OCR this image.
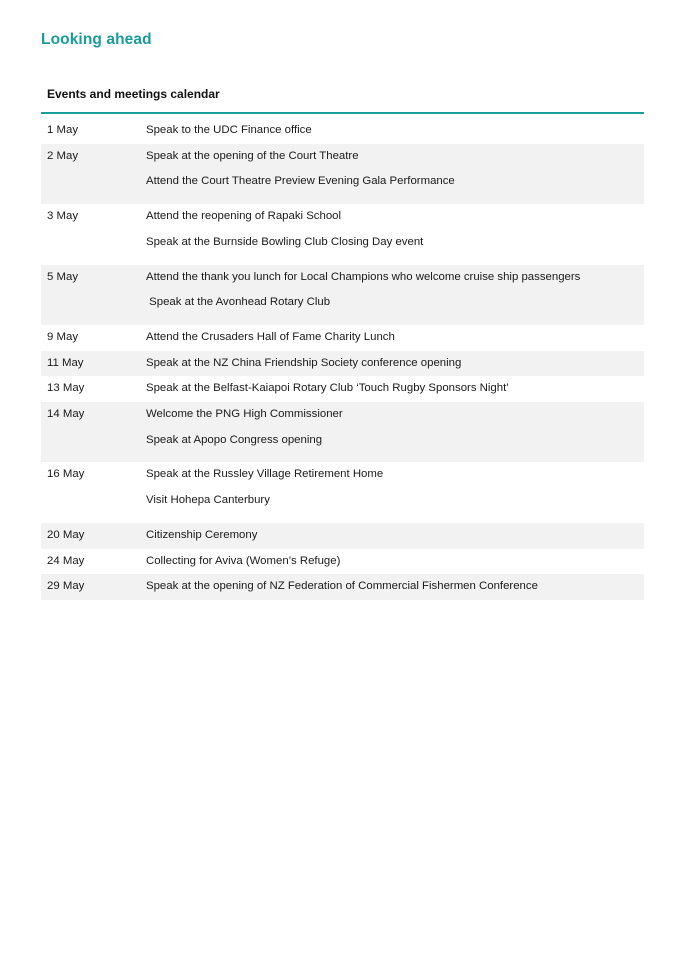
Looking ahead
Events and meetings calendar
1 May	Speak to the UDC Finance office
2 May	Speak at the opening of the Court Theatre
Attend the Court Theatre Preview Evening Gala Performance
3 May	Attend the reopening of Rapaki School
Speak at the Burnside Bowling Club Closing Day event
5 May	Attend the thank you lunch for Local Champions who welcome cruise ship passengers
Speak at the Avonhead Rotary Club
9 May	Attend the Crusaders Hall of Fame Charity Lunch
11 May	Speak at the NZ China Friendship Society conference opening
13 May	Speak at the Belfast-Kaiapoi Rotary Club ‘Touch Rugby Sponsors Night’
14 May	Welcome the PNG High Commissioner
Speak at Apopo Congress opening
16 May	Speak at the Russley Village Retirement Home
Visit Hohepa Canterbury
20 May	Citizenship Ceremony
24 May	Collecting for Aviva (Women’s Refuge)
29 May	Speak at the opening of NZ Federation of Commercial Fishermen Conference
